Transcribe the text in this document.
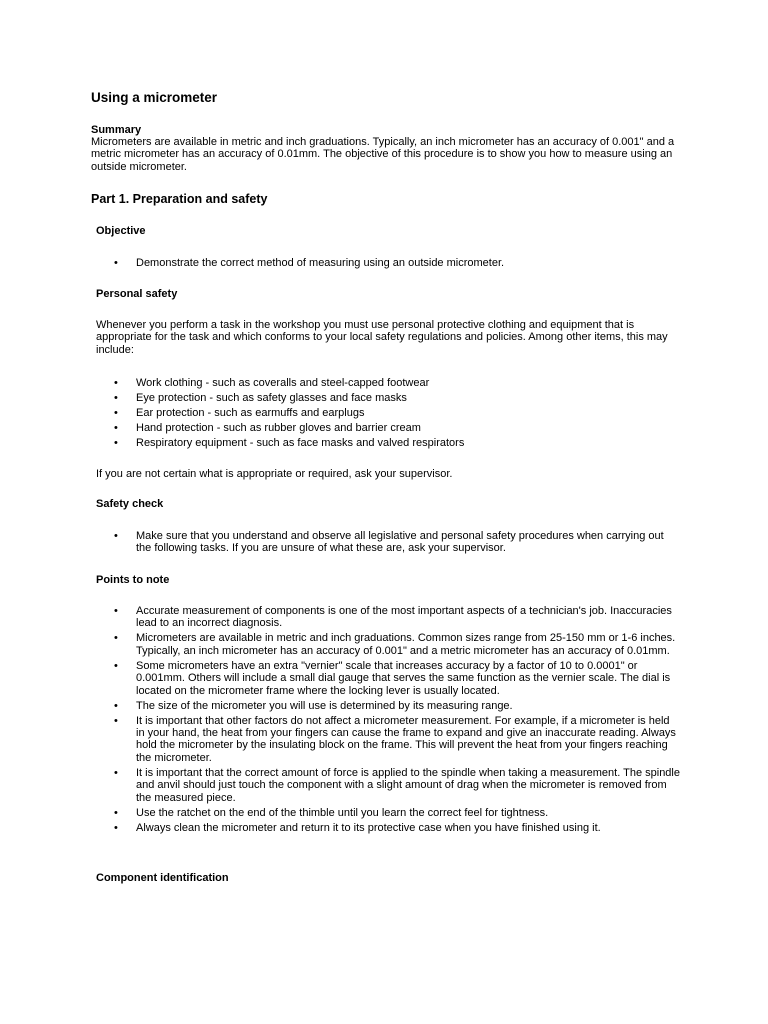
Using a micrometer
Summary
Micrometers are available in metric and inch graduations. Typically, an inch micrometer has an accuracy of 0.001" and a metric micrometer has an accuracy of 0.01mm. The objective of this procedure is to show you how to measure using an outside micrometer.
Part 1. Preparation and safety
Objective
• Demonstrate the correct method of measuring using an outside micrometer.
Personal safety
Whenever you perform a task in the workshop you must use personal protective clothing and equipment that is appropriate for the task and which conforms to your local safety regulations and policies. Among other items, this may include:
• Work clothing - such as coveralls and steel-capped footwear
• Eye protection - such as safety glasses and face masks
• Ear protection - such as earmuffs and earplugs
• Hand protection - such as rubber gloves and barrier cream
• Respiratory equipment - such as face masks and valved respirators
If you are not certain what is appropriate or required, ask your supervisor.
Safety check
• Make sure that you understand and observe all legislative and personal safety procedures when carrying out the following tasks. If you are unsure of what these are, ask your supervisor.
Points to note
• Accurate measurement of components is one of the most important aspects of a technician's job. Inaccuracies lead to an incorrect diagnosis.
• Micrometers are available in metric and inch graduations. Common sizes range from 25-150 mm or 1-6 inches. Typically, an inch micrometer has an accuracy of 0.001" and a metric micrometer has an accuracy of 0.01mm.
• Some micrometers have an extra "vernier" scale that increases accuracy by a factor of 10 to 0.0001" or 0.001mm. Others will include a small dial gauge that serves the same function as the vernier scale. The dial is located on the micrometer frame where the locking lever is usually located.
• The size of the micrometer you will use is determined by its measuring range.
• It is important that other factors do not affect a micrometer measurement. For example, if a micrometer is held in your hand, the heat from your fingers can cause the frame to expand and give an inaccurate reading. Always hold the micrometer by the insulating block on the frame. This will prevent the heat from your fingers reaching the micrometer.
• It is important that the correct amount of force is applied to the spindle when taking a measurement. The spindle and anvil should just touch the component with a slight amount of drag when the micrometer is removed from the measured piece.
• Use the ratchet on the end of the thimble until you learn the correct feel for tightness.
• Always clean the micrometer and return it to its protective case when you have finished using it.
Component identification
